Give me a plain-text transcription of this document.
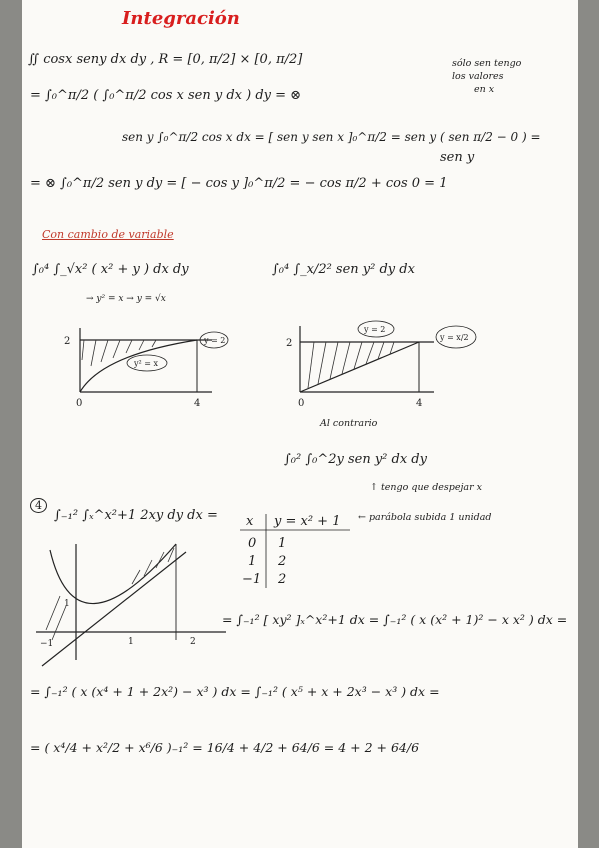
Integración
∬ cosx seny dx dy , R = [0, π/2] × [0, π/2]
= ∫₀^π/2 ( ∫₀^π/2 cos x sen y dx ) dy = ⊗
sólo sen tengo
los valores
en x
sen y ∫₀^π/2 cos x dx = [ sen y sen x ]₀^π/2 = sen y ( sen π/2 − 0 ) =
sen y
= ⊗ ∫₀^π/2 sen y dy = [ − cos y ]₀^π/2 = − cos π/2 + cos 0 = 1
Con cambio de variable
∫₀⁴ ∫_√x² ( x² + y ) dx dy
→ y² = x → y = √x
∫₀⁴ ∫_x/2² sen y² dy dx
2
0	4
y² = x
y = 2	2
0	4
y = 2
y = x/2
Al contrario
∫₀² ∫₀^2y sen y² dx dy
↑ tengo que despejar x
4
∫₋₁² ∫ₓ^x²+1 2xy dy dx = x y = x² + 1
0 1
1 2
−1 2
← parábola subida 1 unidad
1	2
−1
1
= ∫₋₁² [ xy² ]ₓ^x²+1 dx = ∫₋₁² ( x (x² + 1)² − x x² ) dx =
= ∫₋₁² ( x (x⁴ + 1 + 2x²) − x³ ) dx = ∫₋₁² ( x⁵ + x + 2x³ − x³ ) dx =
= ( x⁴/4 + x²/2 + x⁶/6 )₋₁² = 16/4 + 4/2 + 64/6 = 4 + 2 + 64/6
